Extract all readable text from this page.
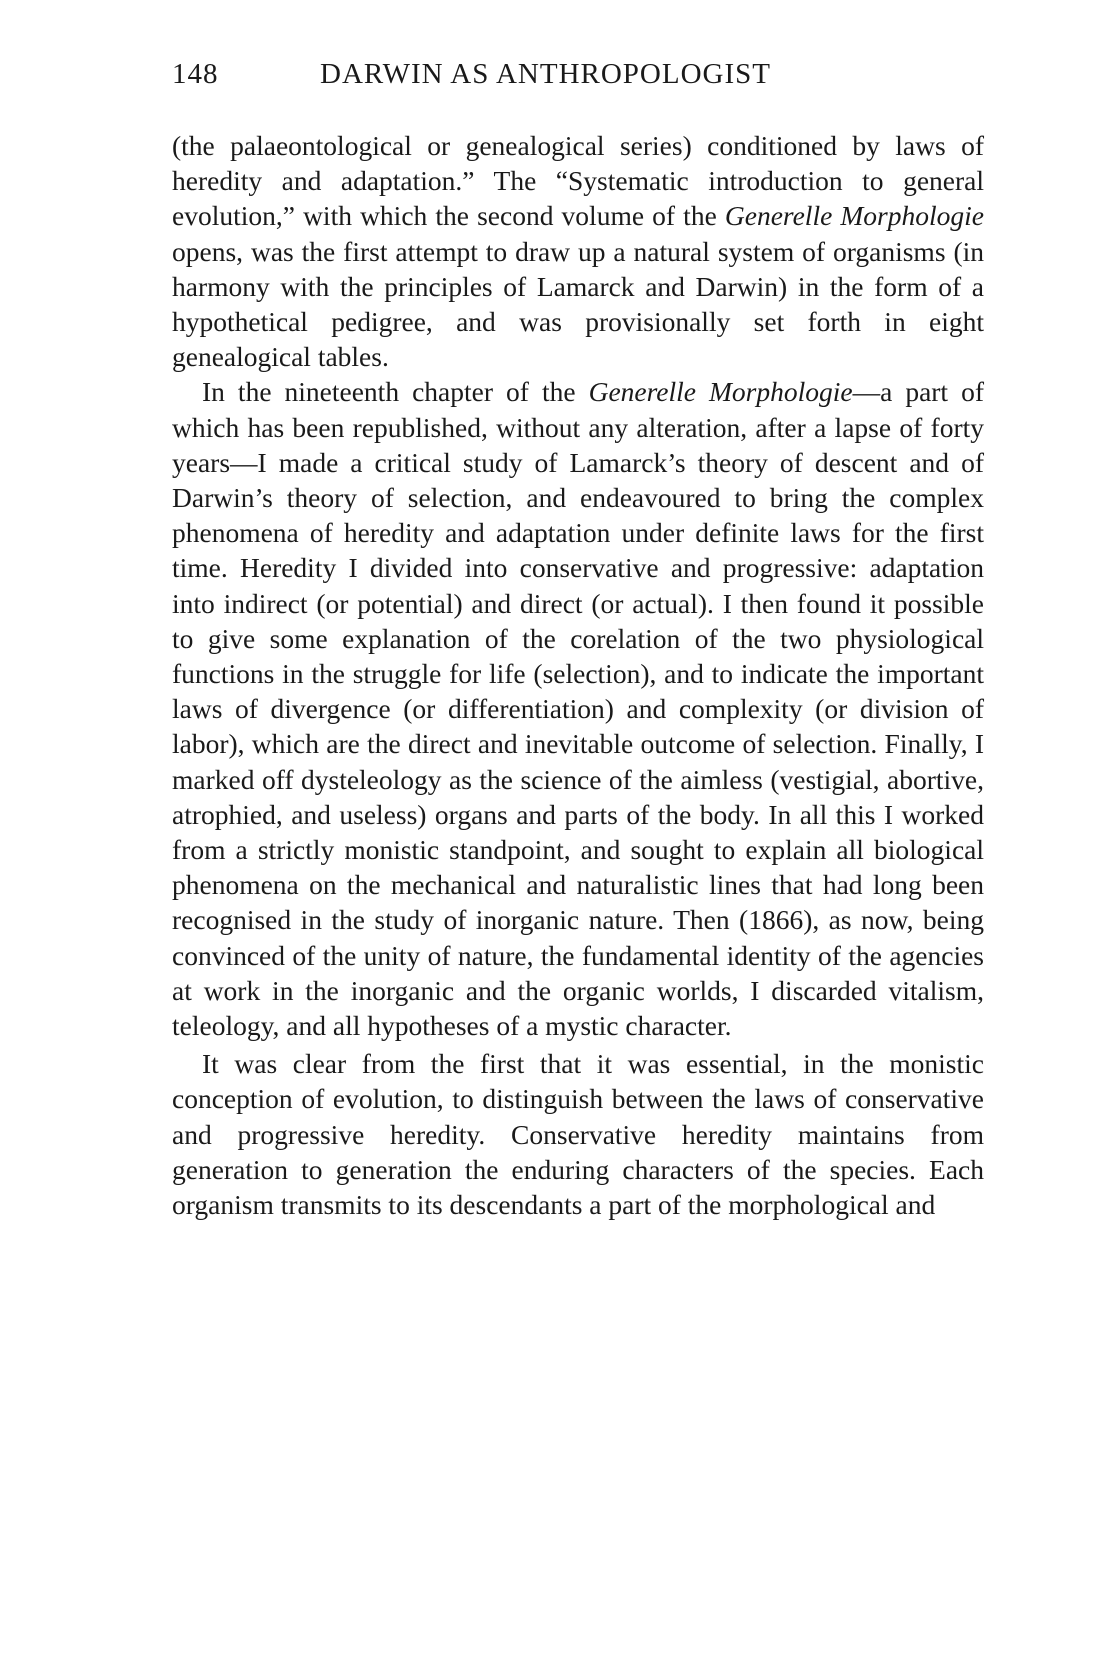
148	DARWIN AS ANTHROPOLOGIST

(the palaeontological or genealogical series) conditioned by laws of heredity and adaptation.” The “Systematic introduction to general evolution,” with which the second volume of the Generelle Morphologie opens, was the first attempt to draw up a natural system of organisms (in harmony with the principles of Lamarck and Darwin) in the form of a hypothetical pedigree, and was provisionally set forth in eight genealogical tables.

In the nineteenth chapter of the Generelle Morphologie—a part of which has been republished, without any alteration, after a lapse of forty years—I made a critical study of Lamarck’s theory of descent and of Darwin’s theory of selection, and endeavoured to bring the complex phenomena of heredity and adaptation under definite laws for the first time. Heredity I divided into conservative and progressive: adaptation into indirect (or potential) and direct (or actual). I then found it possible to give some explanation of the corelation of the two physiological functions in the struggle for life (selection), and to indicate the important laws of divergence (or differentiation) and complexity (or division of labor), which are the direct and inevitable outcome of selection. Finally, I marked off dysteleology as the science of the aimless (vestigial, abortive, atrophied, and useless) organs and parts of the body. In all this I worked from a strictly monistic standpoint, and sought to explain all biological phenomena on the mechanical and naturalistic lines that had long been recognised in the study of inorganic nature. Then (1866), as now, being convinced of the unity of nature, the fundamental identity of the agencies at work in the inorganic and the organic worlds, I discarded vitalism, teleology, and all hypotheses of a mystic character.

It was clear from the first that it was essential, in the monistic conception of evolution, to distinguish between the laws of conservative and progressive heredity. Conservative heredity maintains from generation to generation the enduring characters of the species. Each organism transmits to its descendants a part of the morphological and
